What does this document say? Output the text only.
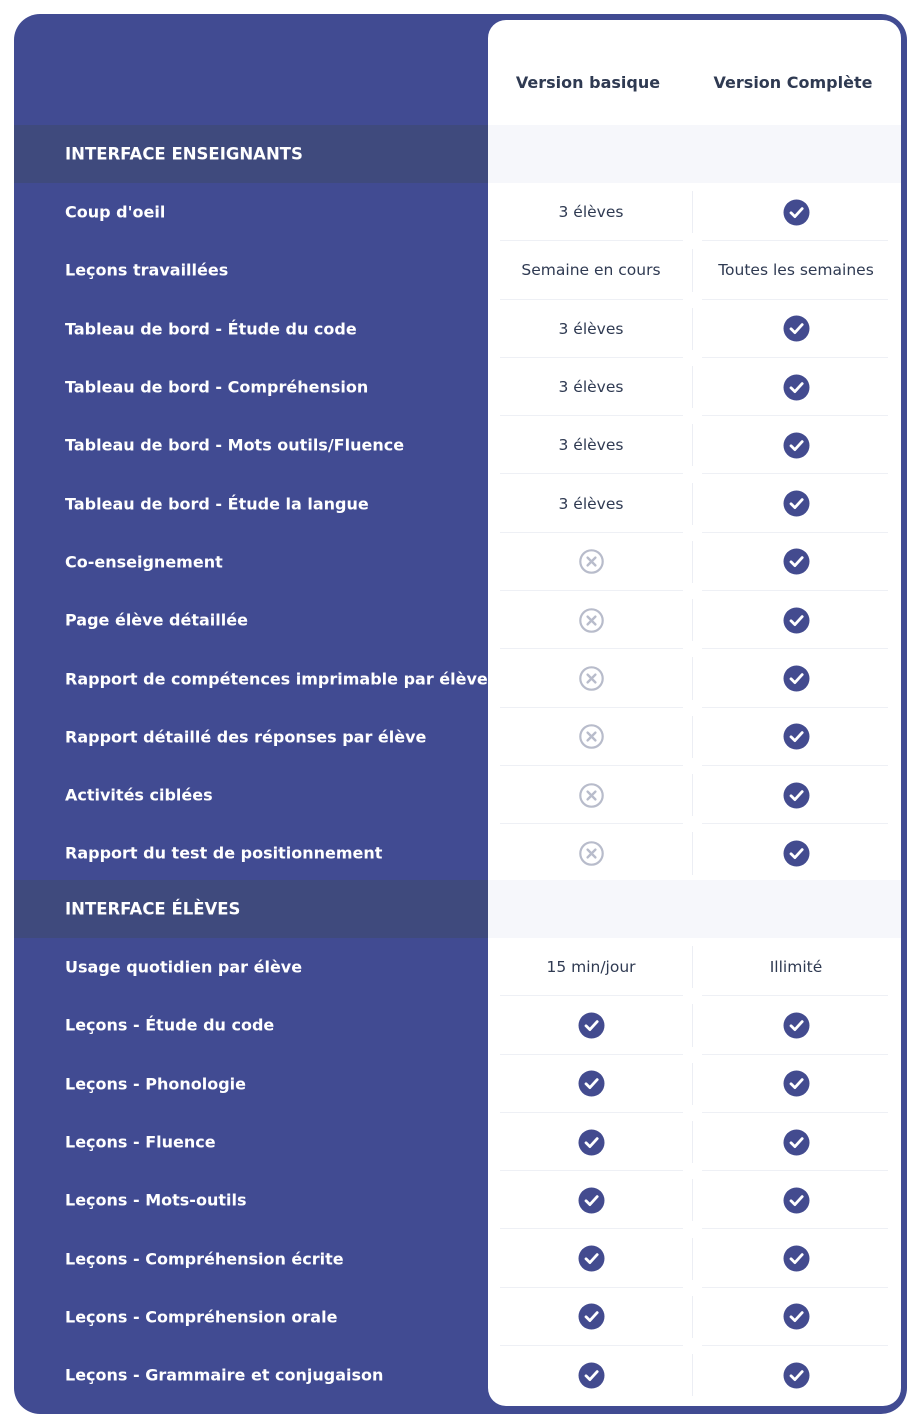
Version basique	Version Complète
INTERFACE ENSEIGNANTS
Coup d'oeil	3 élèves
Leçons travaillées	Semaine en cours	Toutes les semaines
Tableau de bord - Étude du code	3 élèves
Tableau de bord - Compréhension	3 élèves
Tableau de bord - Mots outils/Fluence	3 élèves
Tableau de bord - Étude la langue	3 élèves
Co-enseignement
Page élève détaillée
Rapport de compétences imprimable par élève
Rapport détaillé des réponses par élève
Activités ciblées
Rapport du test de positionnement
INTERFACE ÉLÈVES
Usage quotidien par élève	15 min/jour	Illimité
Leçons - Étude du code
Leçons - Phonologie
Leçons - Fluence
Leçons - Mots-outils
Leçons - Compréhension écrite
Leçons - Compréhension orale
Leçons - Grammaire et conjugaison
